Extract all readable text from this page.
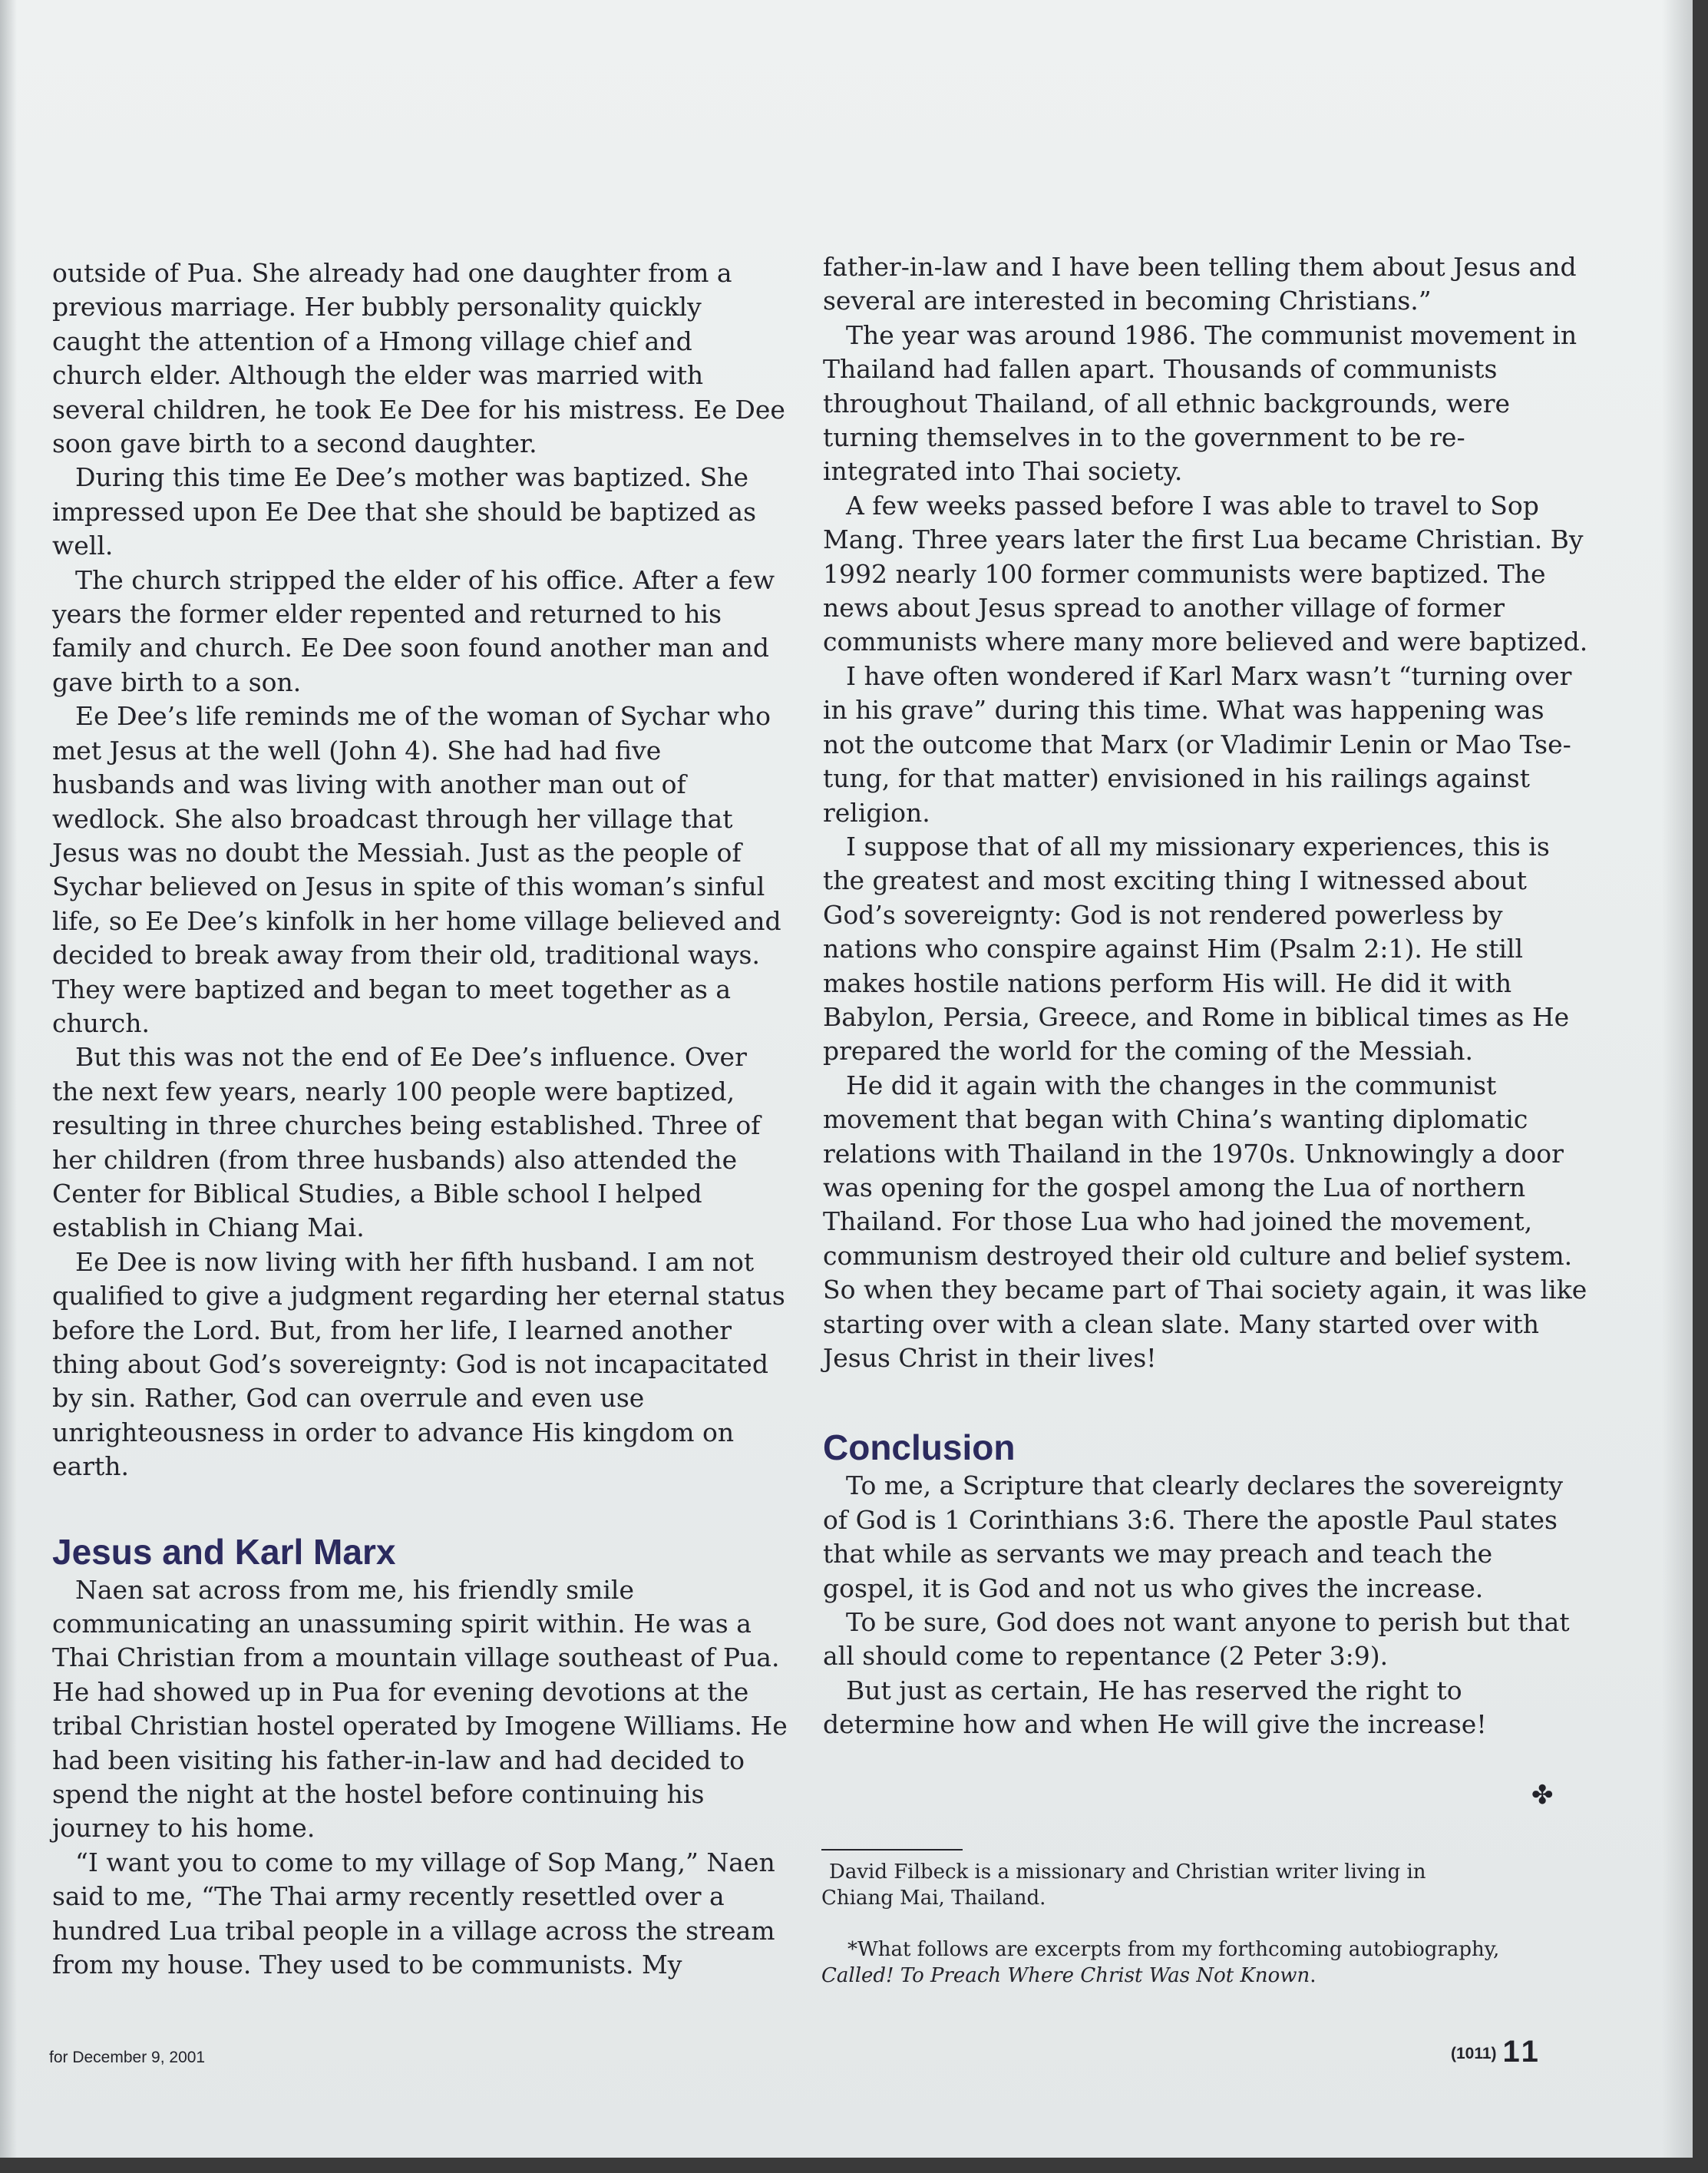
outside of Pua. She already had one daughter from a previous marriage. Her bubbly personality quickly caught the attention of a Hmong village chief and church elder. Although the elder was married with several children, he took Ee Dee for his mistress. Ee Dee soon gave birth to a second daughter.

During this time Ee Dee’s mother was baptized. She impressed upon Ee Dee that she should be baptized as well.

The church stripped the elder of his office. After a few years the former elder repented and returned to his family and church. Ee Dee soon found another man and gave birth to a son.

Ee Dee’s life reminds me of the woman of Sychar who met Jesus at the well (John 4). She had had five husbands and was living with another man out of wedlock. She also broadcast through her village that Jesus was no doubt the Messiah. Just as the people of Sychar believed on Jesus in spite of this woman’s sinful life, so Ee Dee’s kinfolk in her home village believed and decided to break away from their old, traditional ways. They were baptized and began to meet together as a church.

But this was not the end of Ee Dee’s influence. Over the next few years, nearly 100 people were baptized, resulting in three churches being established. Three of her children (from three husbands) also attended the Center for Biblical Studies, a Bible school I helped establish in Chiang Mai.

Ee Dee is now living with her fifth husband. I am not qualified to give a judgment regarding her eternal status before the Lord. But, from her life, I learned another thing about God’s sovereignty: God is not incapacitated by sin. Rather, God can overrule and even use unrighteousness in order to advance His kingdom on earth.

Jesus and Karl Marx

Naen sat across from me, his friendly smile communicating an unassuming spirit within. He was a Thai Christian from a mountain village southeast of Pua. He had showed up in Pua for evening devotions at the tribal Christian hostel operated by Imogene Williams. He had been visiting his father-in-law and had decided to spend the night at the hostel before continuing his journey to his home.

“I want you to come to my village of Sop Mang,” Naen said to me, “The Thai army recently resettled over a hundred Lua tribal people in a village across the stream from my house. They used to be communists. My

father-in-law and I have been telling them about Jesus and several are interested in becoming Christians.”

The year was around 1986. The communist movement in Thailand had fallen apart. Thousands of communists throughout Thailand, of all ethnic backgrounds, were turning themselves in to the government to be re-integrated into Thai society.

A few weeks passed before I was able to travel to Sop Mang. Three years later the first Lua became Christian. By 1992 nearly 100 former communists were baptized. The news about Jesus spread to another village of former communists where many more believed and were baptized.

I have often wondered if Karl Marx wasn’t “turning over in his grave” during this time. What was happening was not the outcome that Marx (or Vladimir Lenin or Mao Tse-tung, for that matter) envisioned in his railings against religion.

I suppose that of all my missionary experiences, this is the greatest and most exciting thing I witnessed about God’s sovereignty: God is not rendered powerless by nations who conspire against Him (Psalm 2:1). He still makes hostile nations perform His will. He did it with Babylon, Persia, Greece, and Rome in biblical times as He prepared the world for the coming of the Messiah.

He did it again with the changes in the communist movement that began with China’s wanting diplomatic relations with Thailand in the 1970s. Unknowingly a door was opening for the gospel among the Lua of northern Thailand. For those Lua who had joined the movement, communism destroyed their old culture and belief system. So when they became part of Thai society again, it was like starting over with a clean slate. Many started over with Jesus Christ in their lives!

Conclusion

To me, a Scripture that clearly declares the sovereignty of God is 1 Corinthians 3:6. There the apostle Paul states that while as servants we may preach and teach the gospel, it is God and not us who gives the increase.

To be sure, God does not want anyone to perish but that all should come to repentance (2 Peter 3:9).

But just as certain, He has reserved the right to determine how and when He will give the increase!

✤
David Filbeck is a missionary and Christian writer living in
Chiang Mai, Thailand.
*What follows are excerpts from my forthcoming autobiography,
Called! To Preach Where Christ Was Not Known.
for December 9, 2001	(1011) 11
